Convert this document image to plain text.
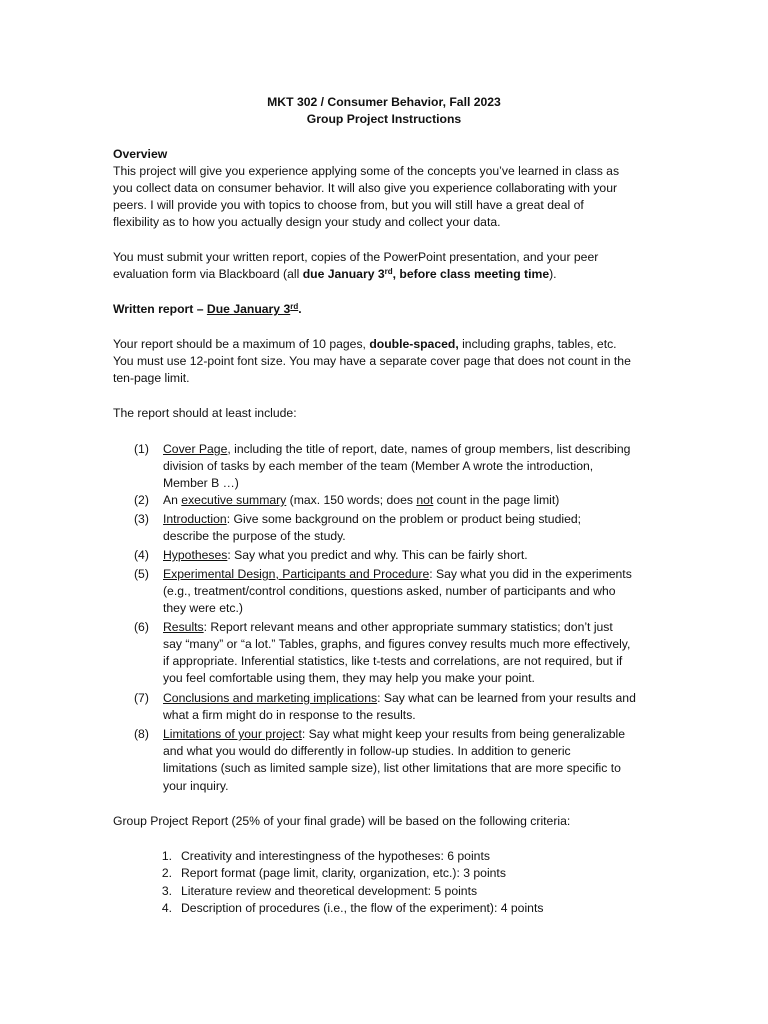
MKT 302 / Consumer Behavior, Fall 2023
Group Project Instructions
Overview
This project will give you experience applying some of the concepts you’ve learned in class as
you collect data on consumer behavior. It will also give you experience collaborating with your
peers. I will provide you with topics to choose from, but you will still have a great deal of
flexibility as to how you actually design your study and collect your data.
You must submit your written report, copies of the PowerPoint presentation, and your peer
evaluation form via Blackboard (all due January 3rd, before class meeting time).
Written report – Due January 3rd.
Your report should be a maximum of 10 pages, double-spaced, including graphs, tables, etc.
You must use 12-point font size. You may have a separate cover page that does not count in the
ten-page limit.
The report should at least include:
(1) Cover Page, including the title of report, date, names of group members, list describing
division of tasks by each member of the team (Member A wrote the introduction,
Member B …)
(2) An executive summary (max. 150 words; does not count in the page limit)
(3) Introduction: Give some background on the problem or product being studied;
describe the purpose of the study.
(4) Hypotheses: Say what you predict and why. This can be fairly short.
(5) Experimental Design, Participants and Procedure: Say what you did in the experiments
(e.g., treatment/control conditions, questions asked, number of participants and who
they were etc.)
(6) Results: Report relevant means and other appropriate summary statistics; don’t just
say “many” or “a lot.” Tables, graphs, and figures convey results much more effectively,
if appropriate. Inferential statistics, like t-tests and correlations, are not required, but if
you feel comfortable using them, they may help you make your point.
(7) Conclusions and marketing implications: Say what can be learned from your results and
what a firm might do in response to the results.
(8) Limitations of your project: Say what might keep your results from being generalizable
and what you would do differently in follow-up studies. In addition to generic
limitations (such as limited sample size), list other limitations that are more specific to
your inquiry.
Group Project Report (25% of your final grade) will be based on the following criteria:
1. Creativity and interestingness of the hypotheses: 6 points
2. Report format (page limit, clarity, organization, etc.): 3 points
3. Literature review and theoretical development: 5 points
4. Description of procedures (i.e., the flow of the experiment): 4 points
